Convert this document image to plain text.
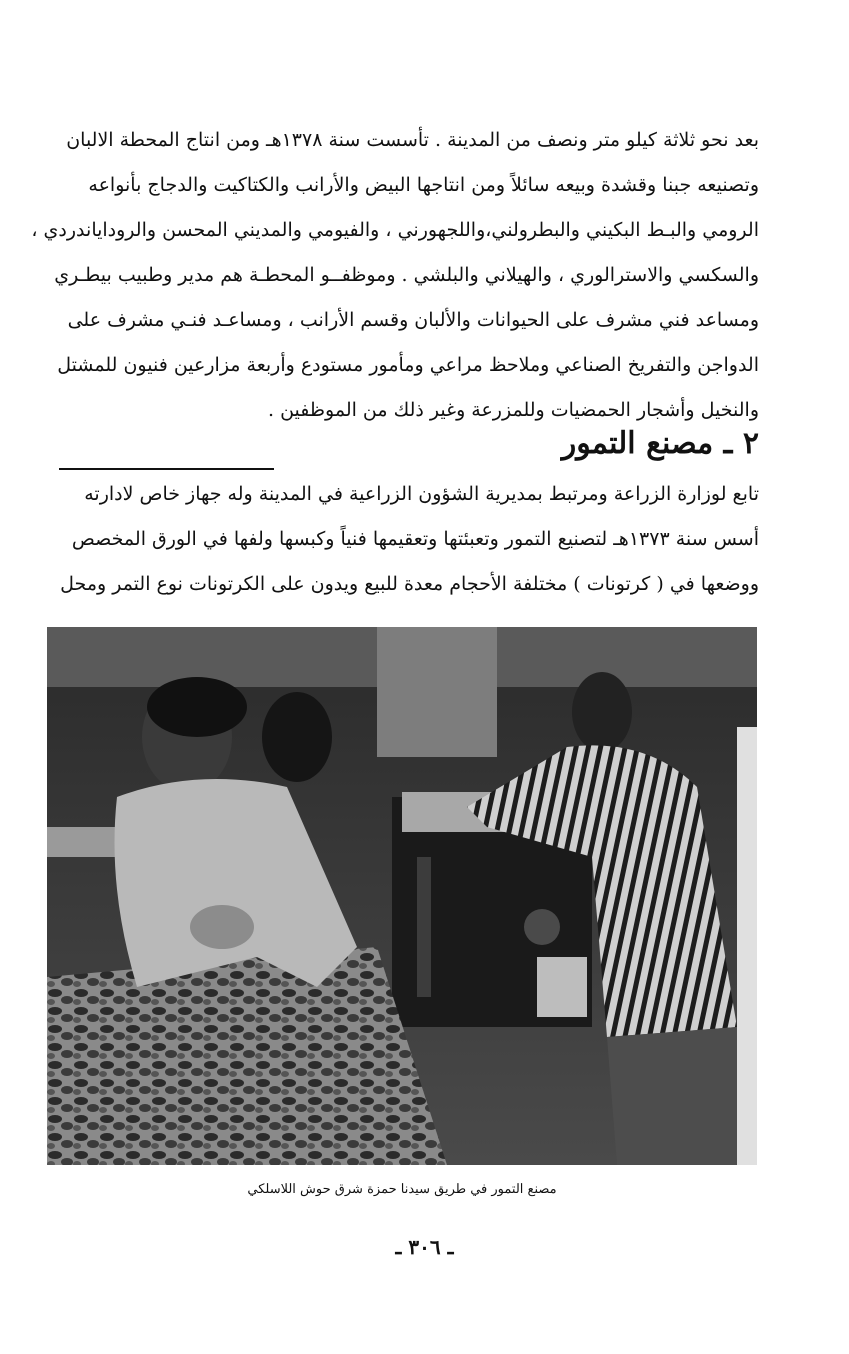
بعد نحو ثلاثة كيلو متر ونصف من المدينة . تأسست سنة ١٣٧٨هـ ومن انتاج المحطة الالبان
وتصنيعه جبنا وقشدة وبيعه سائلاً ومن انتاجها البيض والأرانب والكتاكيت والدجاج بأنواعه
الرومي والبـط البكيني والبطرولني،واللجهورني ، والفيومي والمديني المحسن والروداياندردي ،
والسكسي والاسترالوري ، والهيلاني والبلشي . وموظفــو المحطـة هم مدير وطبيب بيطـري
ومساعد فني مشرف على الحيوانات والألبان وقسم الأرانب ، ومساعـد فنـي مشرف على
الدواجن والتفريخ الصناعي وملاحظ مراعي ومأمور مستودع وأربعة مزارعين فنيون للمشتل
والنخيل وأشجار الحمضيات وللمزرعة وغير ذلك من الموظفين .
٢ ـ مصنع التمور
تابع لوزارة الزراعة ومرتبط بمديرية الشؤون الزراعية في المدينة وله جهاز خاص لادارته
أسس سنة ١٣٧٣هـ لتصنيع التمور وتعبئتها وتعقيمها فنياً وكبسها ولفها في الورق المخصص
ووضعها في ( كرتونات ) مختلفة الأحجام معدة للبيع ويدون على الكرتونات نوع التمر ومحل
مصنع التمور في طريق سيدنا حمزة شرق حوش اللاسلكي
ـ ٣٠٦ ـ
